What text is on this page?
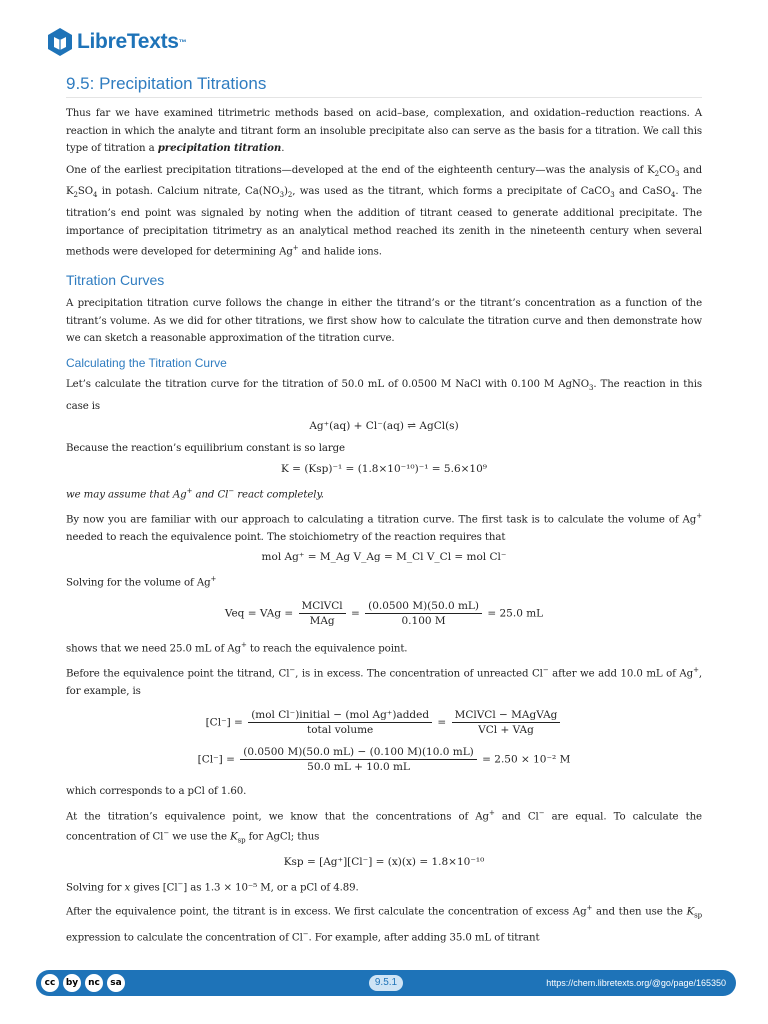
LibreTexts ™
9.5: Precipitation Titrations

Thus far we have examined titrimetric methods based on acid–base, complexation, and oxidation–reduction reactions. A reaction in which the analyte and titrant form an insoluble precipitate also can serve as the basis for a titration. We call this type of titration a precipitation titration.

One of the earliest precipitation titrations—developed at the end of the eighteenth century—was the analysis of $K_2CO_3$ and $K_2SO_4$ in potash. Calcium nitrate, $Ca(NO_3)_2$, was used as the titrant, which forms a precipitate of CaCO$_3$ and CaSO$_4$. The titration’s end point was signaled by noting when the addition of titrant ceased to generate additional precipitate. The importance of precipitation titrimetry as an analytical method reached its zenith in the nineteenth century when several methods were developed for determining Ag+ and halide ions.

Titration Curves

A precipitation titration curve follows the change in either the titrand’s or the titrant’s concentration as a function of the titrant’s volume. As we did for other titrations, we first show how to calculate the titration curve and then demonstrate how we can sketch a reasonable approximation of the titration curve.

Calculating the Titration Curve

Let’s calculate the titration curve for the titration of 50.0 mL of 0.0500 M NaCl with 0.100 M AgNO$_3$. The reaction in this case is

Ag⁺(aq) + Cl⁻(aq) ⇌ AgCl(s)

Because the reaction’s equilibrium constant is so large

K = (Ksp)⁻¹ = (1.8×10⁻¹⁰)⁻¹ = 5.6×10⁹

we may assume that Ag+ and Cl− react completely.

By now you are familiar with our approach to calculating a titration curve. The first task is to calculate the volume of Ag+ needed to reach the equivalence point. The stoichiometry of the reaction requires that

mol Ag⁺ = M_Ag V_Ag = M_Cl V_Cl = mol Cl⁻

Solving for the volume of Ag+

Veq = VAg = $\frac{\text{MClVCl}}{\text{MAg}} = \frac{(0.0500 M)(50.0 mL)}{0.100 M} = 25.0$ mL

shows that we need 25.0 mL of Ag+ to reach the equivalence point.

Before the equivalence point the titrand, Cl−, is in excess. The concentration of unreacted Cl− after we add 10.0 mL of Ag+, for example, is

$[Cl^-] = \frac{\text{(mol Cl⁻)initial − (mol Ag⁺)added}}{\text{total volume}} = \frac{\text{MClVCl − MAgVAg}}{\text{VCl + VAg}}$
$[Cl^-] = \frac{(0.0500 M)(50.0 mL) - (0.100 M)(10.0 mL)}{50.0 mL + 10.0 mL} = 2.50 \times 10^{-2}$ M

which corresponds to a pCl of 1.60.

At the titration’s equivalence point, we know that the concentrations of Ag+ and Cl− are equal. To calculate the concentration of Cl− we use the $K_{sp}$ for AgCl; thus

Ksp = [Ag⁺][Cl⁻] = (x)(x) = 1.8×10⁻¹⁰

Solving for x gives [Cl−] as 1.3 × 10⁻⁵ M, or a pCl of 4.89.

After the equivalence point, the titrant is in excess. We first calculate the concentration of excess Ag+ and then use the $K_{sp}$ expression to calculate the concentration of Cl−. For example, after adding 35.0 mL of titrant

cc	by	nc	sa	9.5.1	https://chem.libretexts.org/@go/page/165350
